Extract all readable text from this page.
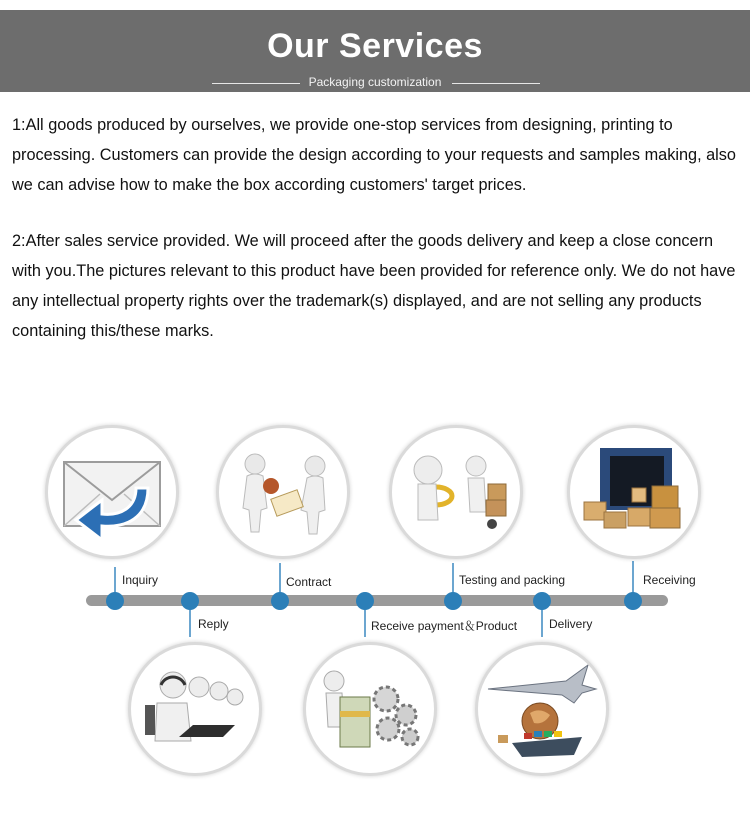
Our Services
Packaging customization

1:All goods produced by ourselves, we provide one-stop services from designing, printing to processing. Customers can provide the design according to your requests and samples making, also we can advise how to make the box according customers' target prices.

2:After sales service provided. We will proceed after the goods delivery and keep a close concern with you.The pictures relevant to this product have been provided for reference only. We do not have any intellectual property rights over the trademark(s) displayed, and are not selling any products containing this/these marks.

Inquiry
Reply
Contract
Receive payment＆Product
Testing and packing
Delivery
Receiving
